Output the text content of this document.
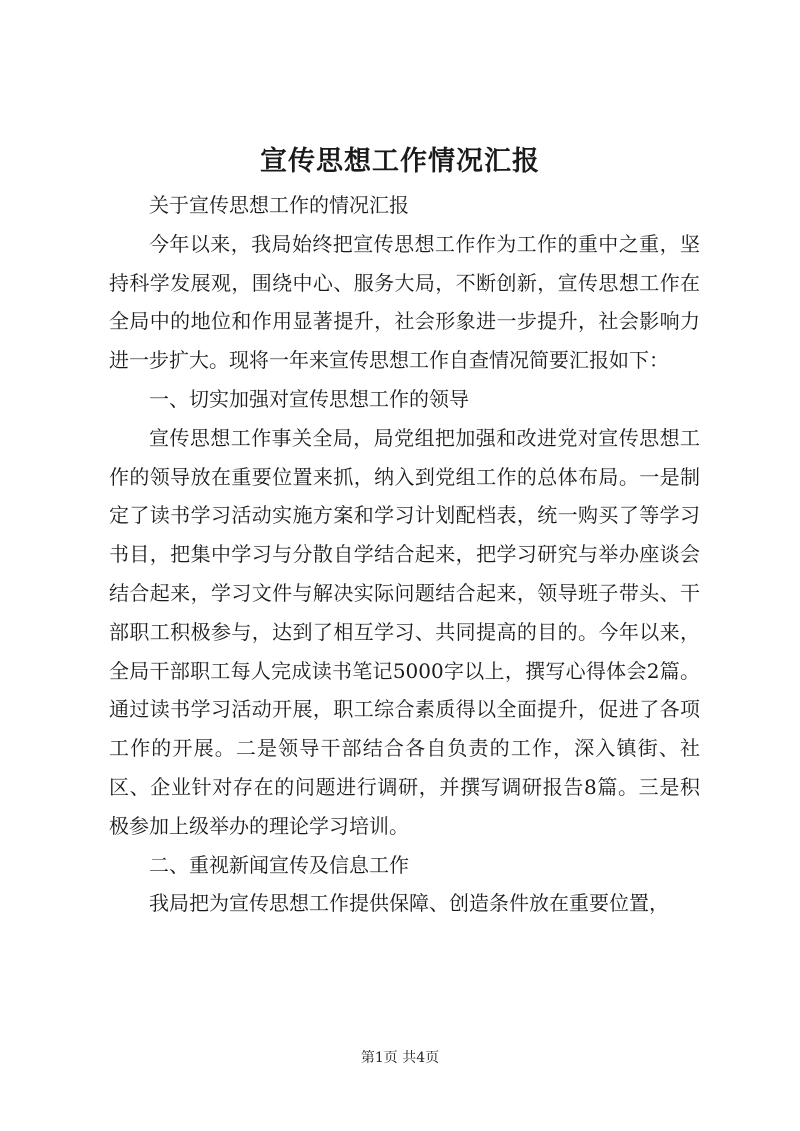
宣传思想工作情况汇报

关于宣传思想工作的情况汇报

今年以来，我局始终把宣传思想工作作为工作的重中之重，坚持科学发展观，围绕中心、服务大局，不断创新，宣传思想工作在全局中的地位和作用显著提升，社会形象进一步提升，社会影响力进一步扩大。现将一年来宣传思想工作自查情况简要汇报如下：

一、切实加强对宣传思想工作的领导

宣传思想工作事关全局，局党组把加强和改进党对宣传思想工作的领导放在重要位置来抓，纳入到党组工作的总体布局。一是制定了读书学习活动实施方案和学习计划配档表，统一购买了等学习书目，把集中学习与分散自学结合起来，把学习研究与举办座谈会结合起来，学习文件与解决实际问题结合起来，领导班子带头、干部职工积极参与，达到了相互学习、共同提高的目的。今年以来，全局干部职工每人完成读书笔记5000字以上，撰写心得体会2篇。通过读书学习活动开展，职工综合素质得以全面提升，促进了各项工作的开展。二是领导干部结合各自负责的工作，深入镇街、社区、企业针对存在的问题进行调研，并撰写调研报告8篇。三是积极参加上级举办的理论学习培训。

二、重视新闻宣传及信息工作

我局把为宣传思想工作提供保障、创造条件放在重要位置，

第1页 共4页
